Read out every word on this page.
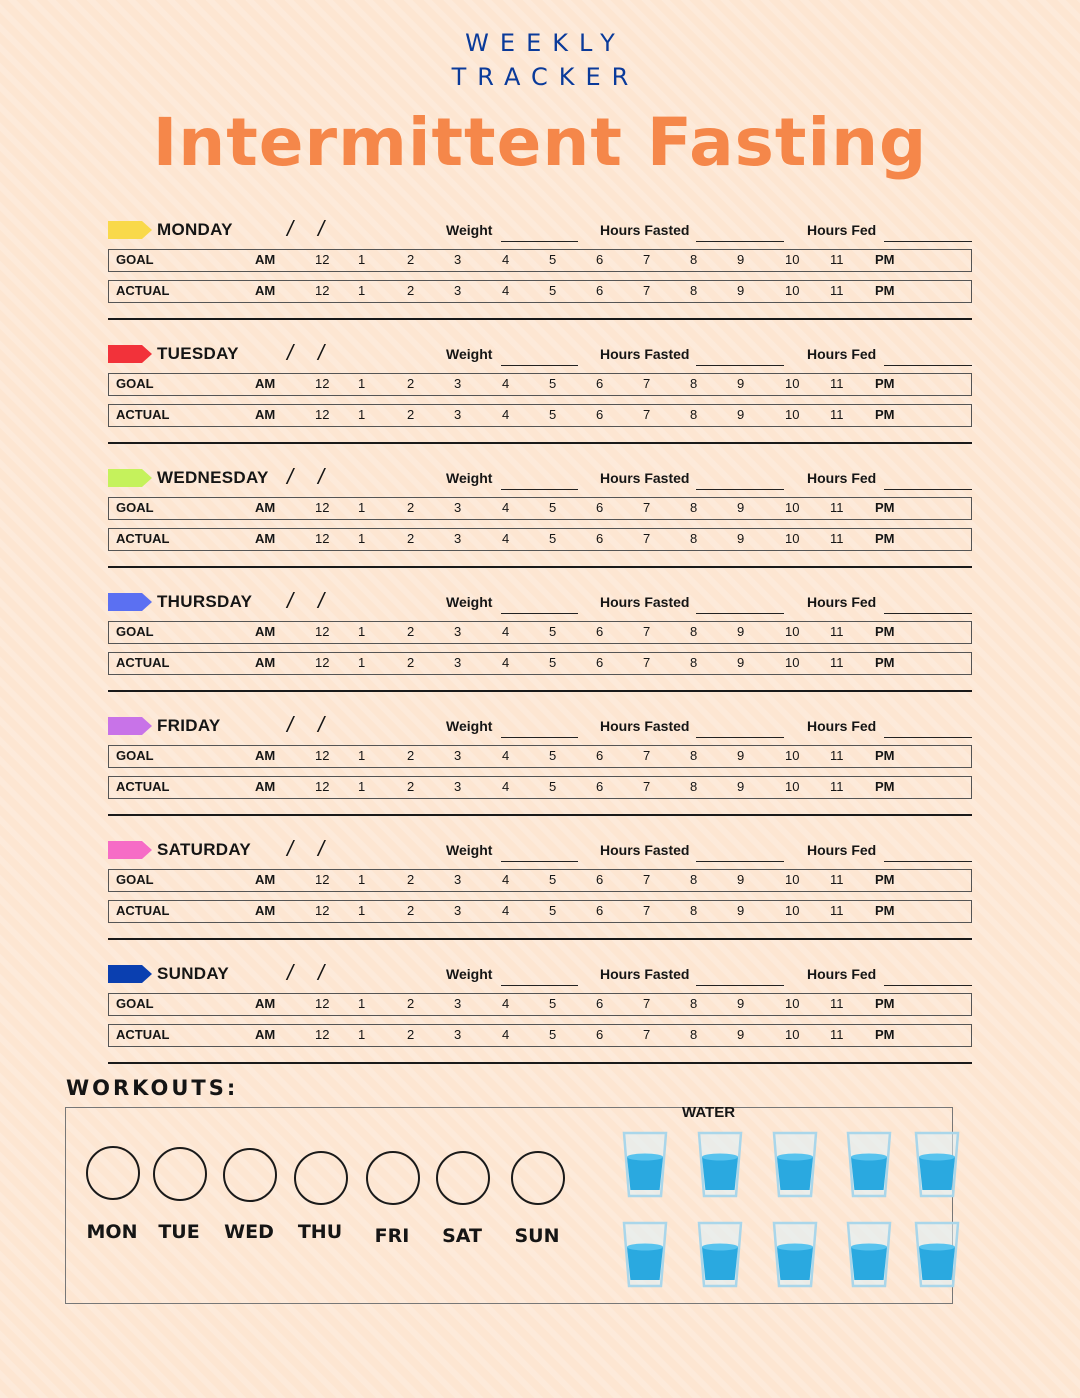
WEEKLY
TRACKER
Intermittent Fasting
MONDAY / /	Weight	Hours Fasted	Hours Fed
GOAL	AM	12 1	2	3	4	5	6	7	8	9	10 11 PM
ACTUAL	AM	12 1	2	3	4	5	6	7	8	9	10 11 PM
TUESDAY / /	Weight	Hours Fasted	Hours Fed
GOAL	AM	12 1	2	3	4	5	6	7	8	9	10 11 PM
ACTUAL	AM	12 1	2	3	4	5	6	7	8	9	10 11 PM
WEDNESDAY / /	Weight	Hours Fasted	Hours Fed
GOAL	AM	12 1	2	3	4	5	6	7	8	9	10 11 PM
ACTUAL	AM	12 1	2	3	4	5	6	7	8	9	10 11 PM
THURSDAY / /	Weight	Hours Fasted	Hours Fed
GOAL	AM	12 1	2	3	4	5	6	7	8	9	10 11 PM
ACTUAL	AM	12 1	2	3	4	5	6	7	8	9	10 11 PM
FRIDAY	/ /	Weight	Hours Fasted	Hours Fed
GOAL	AM	12 1	2	3	4	5	6	7	8	9	10 11 PM
ACTUAL	AM	12 1	2	3	4	5	6	7	8	9	10 11 PM
SATURDAY / /	Weight	Hours Fasted	Hours Fed
GOAL	AM	12 1	2	3	4	5	6	7	8	9	10 11 PM
ACTUAL	AM	12 1	2	3	4	5	6	7	8	9	10 11 PM
SUNDAY	/ /	Weight	Hours Fasted	Hours Fed
GOAL	AM	12 1	2	3	4	5	6	7	8	9	10 11 PM
ACTUAL	AM	12 1	2	3	4	5	6	7	8	9	10 11 PM
WORKOUTS:
MON	TUE	WED	THU	FRI	SAT	SUN
WATER
